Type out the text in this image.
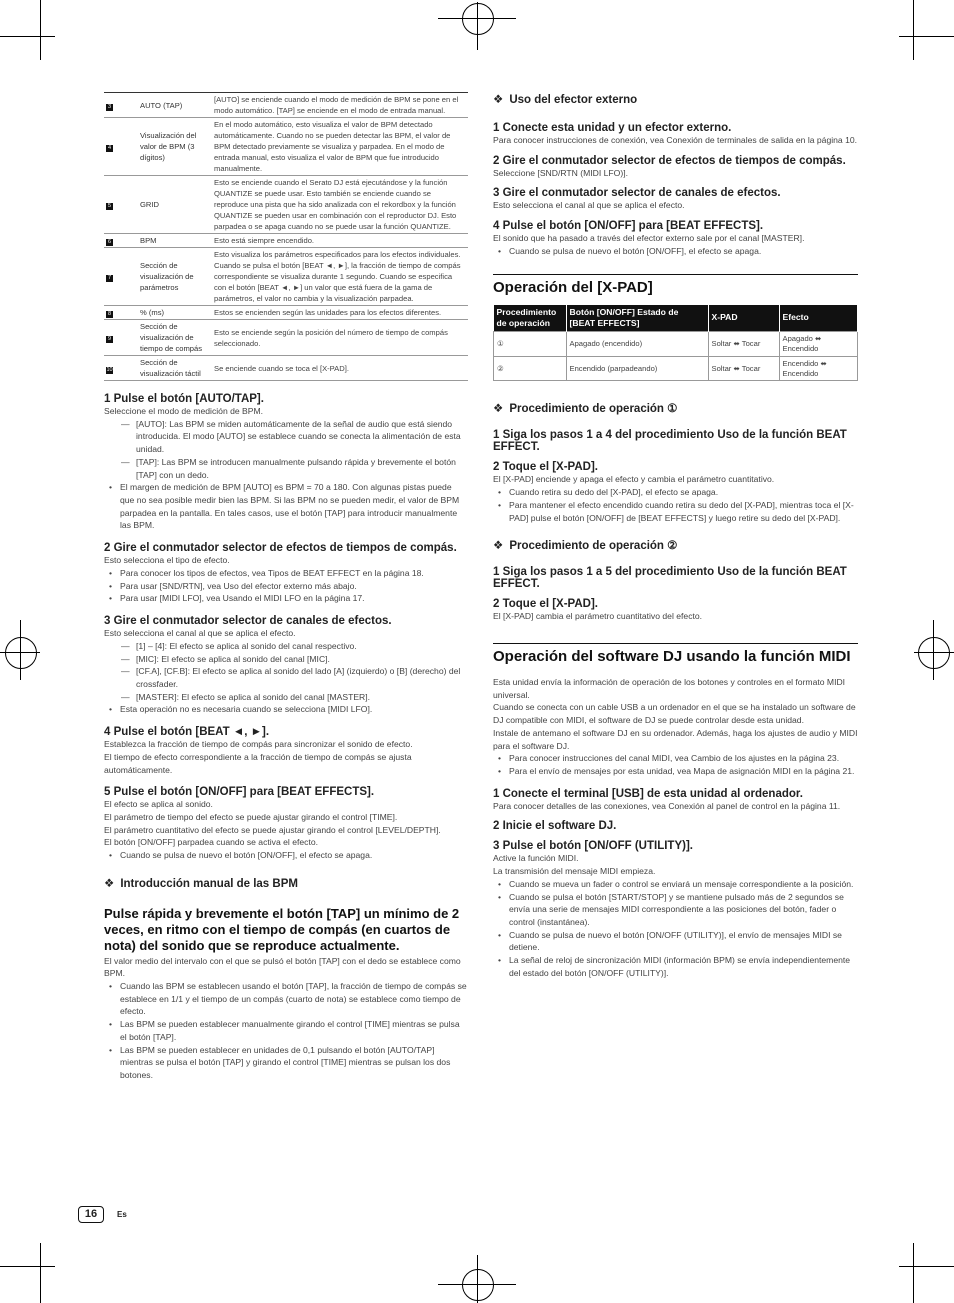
3	AUTO (TAP)	[AUTO] se enciende cuando el modo de medición de BPM se pone en el modo automático. [TAP] se enciende en el modo de entrada manual.
4	Visualización del valor de BPM (3 dígitos)	En el modo automático, esto visualiza el valor de BPM detectado automáticamente. Cuando no se pueden detectar las BPM, el valor de BPM detectado previamente se visualiza y parpadea. En el modo de entrada manual, esto visualiza el valor de BPM que fue introducido manualmente.
5	GRID	Esto se enciende cuando el Serato DJ está ejecutándose y la función QUANTIZE se puede usar. Esto también se enciende cuando se reproduce una pista que ha sido analizada con el rekordbox y la función QUANTIZE se pueden usar en combinación con el reproductor DJ. Esto parpadea o se apaga cuando no se puede usar la función QUANTIZE.
6	BPM	Esto está siempre encendido.
7	Sección de visualización de parámetros	Esto visualiza los parámetros especificados para los efectos individuales. Cuando se pulsa el botón [BEAT ◄, ►], la fracción de tiempo de compás correspondiente se visualiza durante 1 segundo. Cuando se especifica con el botón [BEAT ◄, ►] un valor que está fuera de la gama de parámetros, el valor no cambia y la visualización parpadea.
8	% (ms)	Estos se encienden según las unidades para los efectos diferentes.
9	Sección de visualización de tiempo de compás	Esto se enciende según la posición del número de tiempo de compás seleccionado.
10	Sección de visualización táctil	Se enciende cuando se toca el [X-PAD].

1 Pulse el botón [AUTO/TAP].

Seleccione el modo de medición de BPM.

— [AUTO]: Las BPM se miden automáticamente de la señal de audio que está siendo introducida. El modo [AUTO] se establece cuando se conecta la alimentación de esta unidad.

— [TAP]: Las BPM se introducen manualmente pulsando rápida y brevemente el botón [TAP] con un dedo.

• El margen de medición de BPM [AUTO] es BPM = 70 a 180. Con algunas pistas puede que no sea posible medir bien las BPM. Si las BPM no se pueden medir, el valor de BPM parpadea en la pantalla. En tales casos, use el botón [TAP] para introducir manualmente las BPM.

2 Gire el conmutador selector de efectos de tiempos de compás.

Esto selecciona el tipo de efecto.

• Para conocer los tipos de efectos, vea Tipos de BEAT EFFECT en la página 18.

• Para usar [SND/RTN], vea Uso del efector externo más abajo.

• Para usar [MIDI LFO], vea Usando el MIDI LFO en la página 17.

3 Gire el conmutador selector de canales de efectos.

Esto selecciona el canal al que se aplica el efecto.

— [1] – [4]: El efecto se aplica al sonido del canal respectivo.

— [MIC]: El efecto se aplica al sonido del canal [MIC].

— [CF.A], [CF.B]: El efecto se aplica al sonido del lado [A] (izquierdo) o [B] (derecho) del crossfader.

— [MASTER]: El efecto se aplica al sonido del canal [MASTER].

• Esta operación no es necesaria cuando se selecciona [MIDI LFO].

4 Pulse el botón [BEAT ◄, ►].

Establezca la fracción de tiempo de compás para sincronizar el sonido de efecto.

El tiempo de efecto correspondiente a la fracción de tiempo de compás se ajusta automáticamente.

5 Pulse el botón [ON/OFF] para [BEAT EFFECTS].

El efecto se aplica al sonido.

El parámetro de tiempo del efecto se puede ajustar girando el control [TIME].

El parámetro cuantitativo del efecto se puede ajustar girando el control [LEVEL/DEPTH].

El botón [ON/OFF] parpadea cuando se activa el efecto.

• Cuando se pulsa de nuevo el botón [ON/OFF], el efecto se apaga.

❖ Introducción manual de las BPM

Pulse rápida y brevemente el botón [TAP] un mínimo de 2 veces, en ritmo con el tiempo de compás (en cuartos de nota) del sonido que se reproduce actualmente.

El valor medio del intervalo con el que se pulsó el botón [TAP] con el dedo se establece como BPM.

• Cuando las BPM se establecen usando el botón [TAP], la fracción de tiempo de compás se establece en 1/1 y el tiempo de un compás (cuarto de nota) se establece como tiempo de efecto.

• Las BPM se pueden establecer manualmente girando el control [TIME] mientras se pulsa el botón [TAP].

• Las BPM se pueden establecer en unidades de 0,1 pulsando el botón [AUTO/TAP] mientras se pulsa el botón [TAP] y girando el control [TIME] mientras se pulsan los dos botones.

❖ Uso del efector externo

1 Conecte esta unidad y un efector externo.

Para conocer instrucciones de conexión, vea Conexión de terminales de salida en la página 10.

2 Gire el conmutador selector de efectos de tiempos de compás.

Seleccione [SND/RTN (MIDI LFO)].

3 Gire el conmutador selector de canales de efectos.

Esto selecciona el canal al que se aplica el efecto.

4 Pulse el botón [ON/OFF] para [BEAT EFFECTS].

El sonido que ha pasado a través del efector externo sale por el canal [MASTER].

• Cuando se pulsa de nuevo el botón [ON/OFF], el efecto se apaga.

Operación del [X-PAD]

Procedimiento de operación	Botón [ON/OFF] Estado de [BEAT EFFECTS]	X-PAD	Efecto
①	Apagado (encendido)	Soltar ⬌ Tocar	Apagado ⬌ Encendido
②	Encendido (parpadeando)	Soltar ⬌ Tocar	Encendido ⬌ Encendido

❖ Procedimiento de operación ①

1 Siga los pasos 1 a 4 del procedimiento Uso de la función BEAT EFFECT.

2 Toque el [X-PAD].

El [X-PAD] enciende y apaga el efecto y cambia el parámetro cuantitativo.

• Cuando retira su dedo del [X-PAD], el efecto se apaga.

• Para mantener el efecto encendido cuando retira su dedo del [X-PAD], mientras toca el [X-PAD] pulse el botón [ON/OFF] de [BEAT EFFECTS] y luego retire su dedo del [X-PAD].

❖ Procedimiento de operación ②

1 Siga los pasos 1 a 5 del procedimiento Uso de la función BEAT EFFECT.

2 Toque el [X-PAD].

El [X-PAD] cambia el parámetro cuantitativo del efecto.

Operación del software DJ usando la función MIDI

Esta unidad envía la información de operación de los botones y controles en el formato MIDI universal.

Cuando se conecta con un cable USB a un ordenador en el que se ha instalado un software de DJ compatible con MIDI, el software de DJ se puede controlar desde esta unidad.

Instale de antemano el software DJ en su ordenador. Además, haga los ajustes de audio y MIDI para el software DJ.

• Para conocer instrucciones del canal MIDI, vea Cambio de los ajustes en la página 23.

• Para el envío de mensajes por esta unidad, vea Mapa de asignación MIDI en la página 21.

1 Conecte el terminal [USB] de esta unidad al ordenador.

Para conocer detalles de las conexiones, vea Conexión al panel de control en la página 11.

2 Inicie el software DJ.

3 Pulse el botón [ON/OFF (UTILITY)].

Active la función MIDI.

La transmisión del mensaje MIDI empieza.

• Cuando se mueva un fader o control se enviará un mensaje correspondiente a la posición.

• Cuando se pulsa el botón [START/STOP] y se mantiene pulsado más de 2 segundos se envía una serie de mensajes MIDI correspondiente a las posiciones del botón, fader o control (instantánea).

• Cuando se pulsa de nuevo el botón [ON/OFF (UTILITY)], el envío de mensajes MIDI se detiene.

• La señal de reloj de sincronización MIDI (información BPM) se envía independientemente del estado del botón [ON/OFF (UTILITY)].

16	Es
